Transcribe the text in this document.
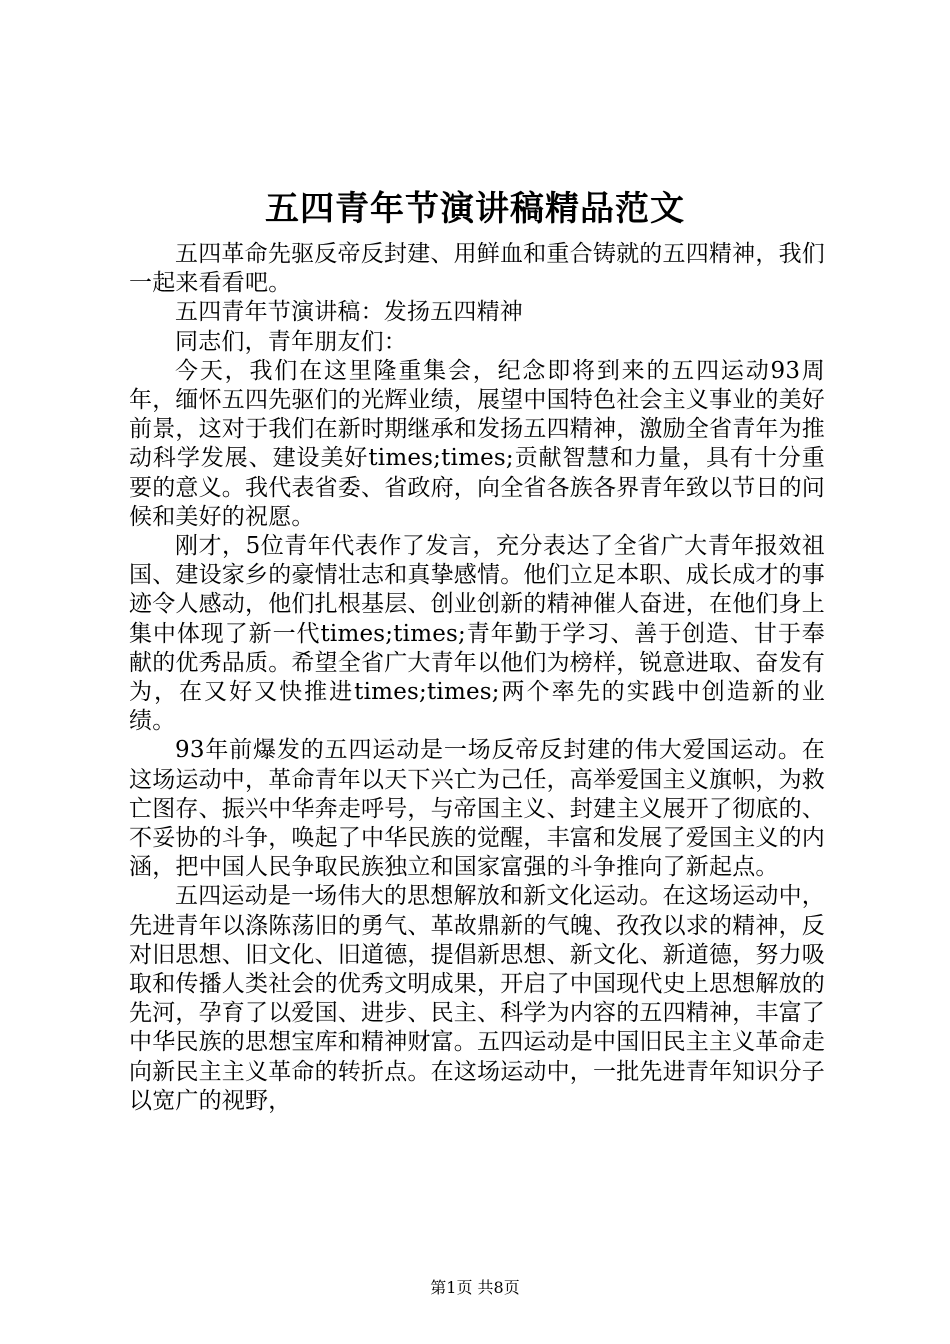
五四青年节演讲稿精品范文

五四革命先驱反帝反封建、用鲜血和重合铸就的五四精神，我们一起来看看吧。

五四青年节演讲稿：发扬五四精神

同志们，青年朋友们：

今天，我们在这里隆重集会，纪念即将到来的五四运动93周年，缅怀五四先驱们的光辉业绩，展望中国特色社会主义事业的美好前景，这对于我们在新时期继承和发扬五四精神，激励全省青年为推动科学发展、建设美好times;times;贡献智慧和力量，具有十分重要的意义。我代表省委、省政府，向全省各族各界青年致以节日的问候和美好的祝愿。

刚才，5位青年代表作了发言，充分表达了全省广大青年报效祖国、建设家乡的豪情壮志和真挚感情。他们立足本职、成长成才的事迹令人感动，他们扎根基层、创业创新的精神催人奋进，在他们身上集中体现了新一代times;times;青年勤于学习、善于创造、甘于奉献的优秀品质。希望全省广大青年以他们为榜样，锐意进取、奋发有为，在又好又快推进times;times;两个率先的实践中创造新的业绩。

93年前爆发的五四运动是一场反帝反封建的伟大爱国运动。在这场运动中，革命青年以天下兴亡为己任，高举爱国主义旗帜，为救亡图存、振兴中华奔走呼号，与帝国主义、封建主义展开了彻底的、不妥协的斗争，唤起了中华民族的觉醒，丰富和发展了爱国主义的内涵，把中国人民争取民族独立和国家富强的斗争推向了新起点。

五四运动是一场伟大的思想解放和新文化运动。在这场运动中，先进青年以涤陈荡旧的勇气、革故鼎新的气魄、孜孜以求的精神，反对旧思想、旧文化、旧道德，提倡新思想、新文化、新道德，努力吸取和传播人类社会的优秀文明成果，开启了中国现代史上思想解放的先河，孕育了以爱国、进步、民主、科学为内容的五四精神，丰富了中华民族的思想宝库和精神财富。五四运动是中国旧民主主义革命走向新民主主义革命的转折点。在这场运动中，一批先进青年知识分子以宽广的视野，

第1页 共8页
